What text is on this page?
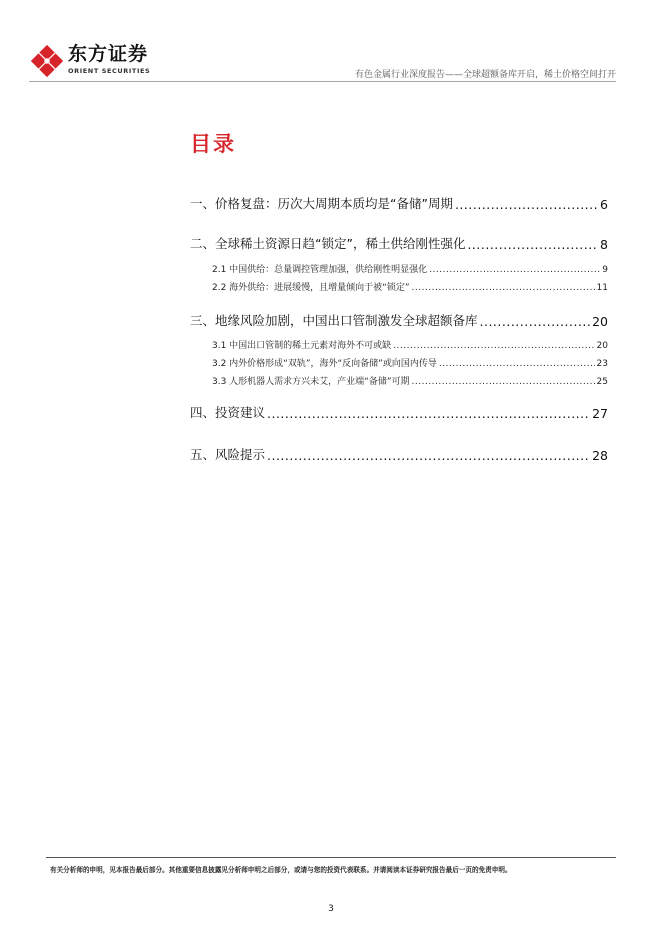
东方证券
ORIENT SECURITIES	有色金属行业深度报告——全球超额备库开启，稀土价格空间打开
目录
一、价格复盘：历次大周期本质均是“备储”周期 .....	6
二、全球稀土资源日趋“锁定”，稀土供给刚性强化 .....	8
2.1 中国供给：总量调控管理加强，供给刚性明显强化 .....	9
2.2 海外供给：进展缓慢，且增量倾向于被“锁定” .....	11
三、地缘风险加剧，中国出口管制激发全球超额备库 .....	20
3.1 中国出口管制的稀土元素对海外不可或缺 .....	20
3.2 内外价格形成“双轨”，海外“反向备储”或向国内传导 .....	23
3.3 人形机器人需求方兴未艾，产业端“备储”可期 .....	25
四、投资建议 .....	27
五、风险提示 .....	28
有关分析师的申明，见本报告最后部分。其他重要信息披露见分析师申明之后部分，或请与您的投资代表联系。并请阅读本证券研究报告最后一页的免责申明。
3
